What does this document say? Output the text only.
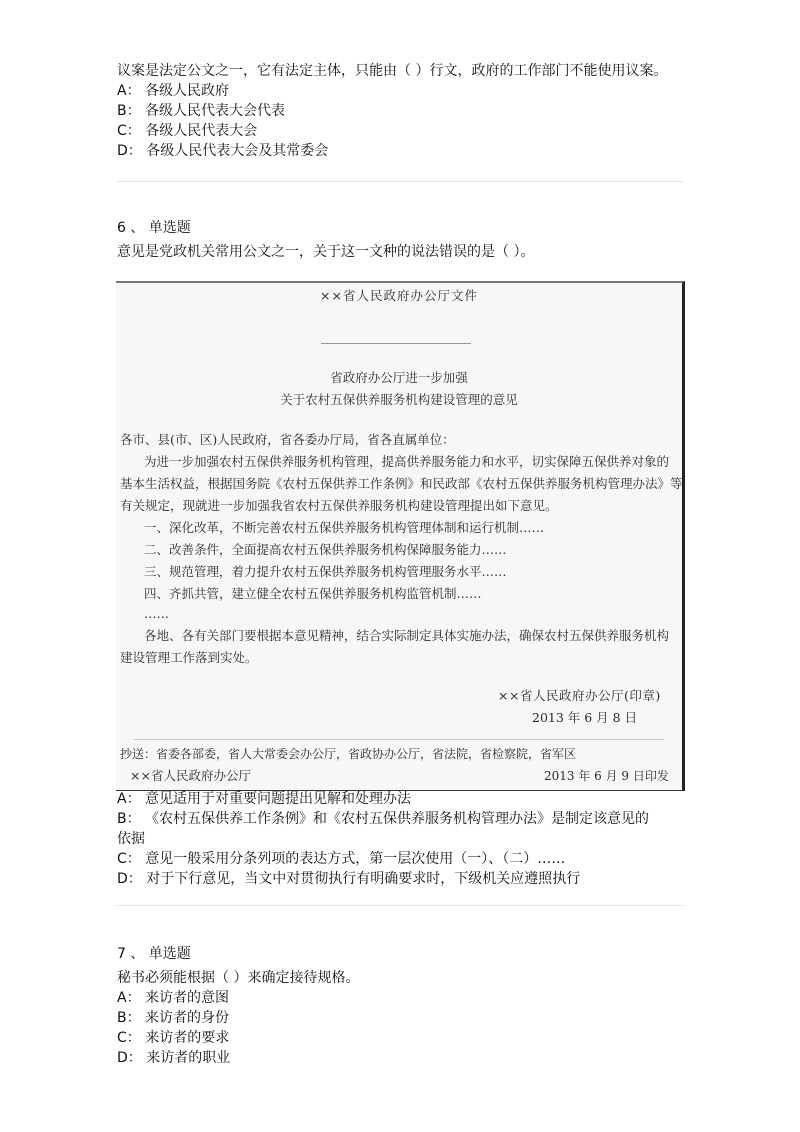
议案是法定公文之一，它有法定主体，只能由（ ）行文，政府的工作部门不能使用议案。
A： 各级人民政府
B： 各级人民代表大会代表
C： 各级人民代表大会
D： 各级人民代表大会及其常委会
6 、 单选题
意见是党政机关常用公文之一，关于这一文种的说法错误的是（ ）。
××省人民政府办公厅文件
省政府办公厅进一步加强
关于农村五保供养服务机构建设管理的意见
各市、县(市、区)人民政府，省各委办厅局，省各直属单位：
为进一步加强农村五保供养服务机构管理，提高供养服务能力和水平，切实保障五保供养对象的
基本生活权益，根据国务院《农村五保供养工作条例》和民政部《农村五保供养服务机构管理办法》等
有关规定，现就进一步加强我省农村五保供养服务机构建设管理提出如下意见。
一、深化改革，不断完善农村五保供养服务机构管理体制和运行机制……
二、改善条件，全面提高农村五保供养服务机构保障服务能力……
三、规范管理，着力提升农村五保供养服务机构管理服务水平……
四、齐抓共管，建立健全农村五保供养服务机构监管机制……
……
各地、各有关部门要根据本意见精神，结合实际制定具体实施办法，确保农村五保供养服务机构
建设管理工作落到实处。
××省人民政府办公厅(印章)
2013 年 6 月 8 日
抄送：省委各部委，省人大常委会办公厅，省政协办公厅，省法院，省检察院，省军区
××省人民政府办公厅	2013 年 6 月 9 日印发
A： 意见适用于对重要问题提出见解和处理办法
B： 《农村五保供养工作条例》和《农村五保供养服务机构管理办法》是制定该意见的
依据
C： 意见一般采用分条列项的表达方式，第一层次使用（一）、（二）……
D： 对于下行意见，当文中对贯彻执行有明确要求时，下级机关应遵照执行
7 、 单选题
秘书必须能根据（ ）来确定接待规格。
A： 来访者的意图
B： 来访者的身份
C： 来访者的要求
D： 来访者的职业
